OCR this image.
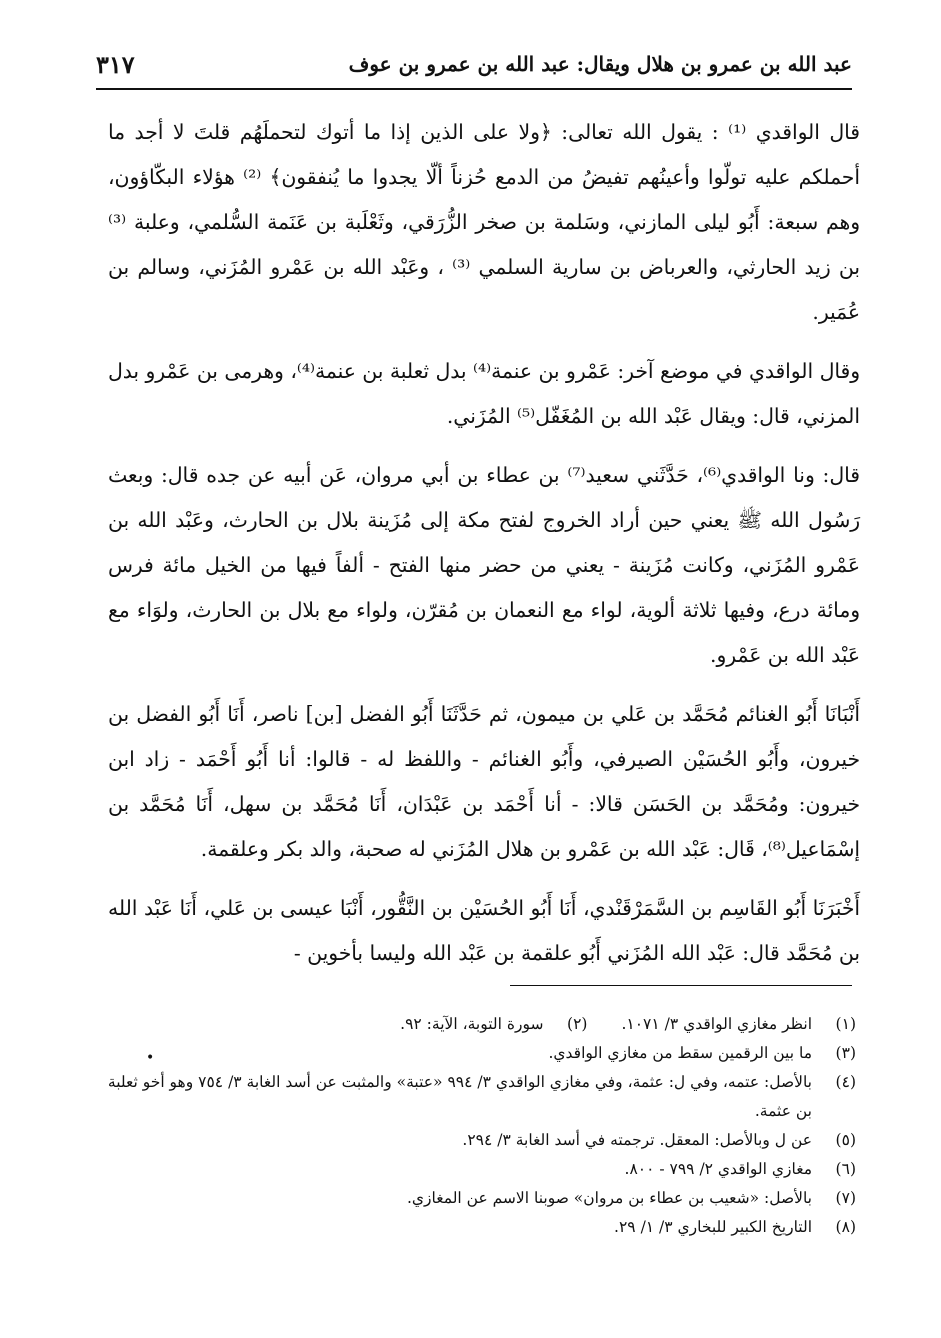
عبد الله بن عمرو بن هلال ويقال: عبد الله بن عمرو بن عوف
٣١٧

قال الواقدي ⁽¹⁾ : يقول الله تعالى: ﴿ولا على الذين إذا ما أتوك لتحملَهُم قلتَ لا أجد ما أحملكم عليه تولّوا وأعينُهم تفيضُ من الدمع حُزناً ألّا يجدوا ما يُنفقون﴾ ⁽²⁾ هؤلاء البكّاؤون، وهم سبعة: أَبُو ليلى المازني، وسَلمة بن صخر الزُّرَقي، وثَعْلَبة بن عَنَمة السُّلمي، وعلبة ⁽³⁾ بن زيد الحارثي، والعرباض بن سارية السلمي ⁽³⁾ ، وعَبْد الله بن عَمْرو المُزَني، وسالم بن عُمَير.

وقال الواقدي في موضع آخر: عَمْرو بن عنمة⁽⁴⁾ بدل ثعلبة بن عنمة⁽⁴⁾، وهرمى بن عَمْرو بدل المزني، قال: ويقال عَبْد الله بن المُغَفّل⁽⁵⁾ المُزَني.

قال: ونا الواقدي⁽⁶⁾، حَدَّثَني سعيد⁽⁷⁾ بن عطاء بن أبي مروان، عَن أبيه عن جده قال: وبعث رَسُول الله ﷺ يعني حين أراد الخروج لفتح مكة إلى مُزَينة بلال بن الحارث، وعَبْد الله بن عَمْرو المُزَني، وكانت مُزَينة - يعني من حضر منها الفتح - ألفاً فيها من الخيل مائة فرس ومائة درع، وفيها ثلاثة ألوية، لواء مع النعمان بن مُقرّن، ولواء مع بلال بن الحارث، ولوَاء مع عَبْد الله بن عَمْرو.

أَنْبَانَا أَبُو الغنائم مُحَمَّد بن عَلي بن ميمون، ثم حَدَّثَنَا أَبُو الفضل [بن] ناصر، أَنَا أَبُو الفضل بن خيرون، وأَبُو الحُسَيْن الصيرفي، وأَبُو الغنائم - واللفظ له - قالوا: أنا أَبُو أَحْمَد - زاد ابن خيرون: ومُحَمَّد بن الحَسَن قالا: - أنا أَحْمَد بن عَبْدَان، أَنَا مُحَمَّد بن سهل، أَنَا مُحَمَّد بن إسْمَاعيل⁽⁸⁾، قَال: عَبْد الله بن عَمْرو بن هلال المُزَني له صحبة، والد بكر وعلقمة.

أَخْبَرَنَا أَبُو القَاسِم بن السَّمَرْقَنْدي، أَنَا أَبُو الحُسَيْن بن النَّقُّور، أَنْبَا عيسى بن عَلي، أَنَا عَبْد الله بن مُحَمَّد قال: عَبْد الله المُزَني أَبُو علقمة بن عَبْد الله وليسا بأخوين -

(١)
انظر مغازي الواقدي ٣/ ١٠٧١.
(٢)
سورة التوبة، الآية: ٩٢.
(٣)
ما بين الرقمين سقط من مغازي الواقدي.
(٤)
بالأصل: عتمه، وفي ل: عثمة، وفي مغازي الواقدي ٣/ ٩٩٤ «عتبة» والمثبت عن أسد الغابة ٣/ ٧٥٤ وهو أخو ثعلبة بن عثمة.
(٥)
عن ل وبالأصل: المعقل. ترجمته في أسد الغابة ٣/ ٢٩٤.
(٦)
مغازي الواقدي ٢/ ٧٩٩ - ٨٠٠.
(٧)
بالأصل: «شعيب بن عطاء بن مروان» صوبنا الاسم عن المغازي.
(٨)
التاريخ الكبير للبخاري ٣/ ١/ ٢٩.
•
